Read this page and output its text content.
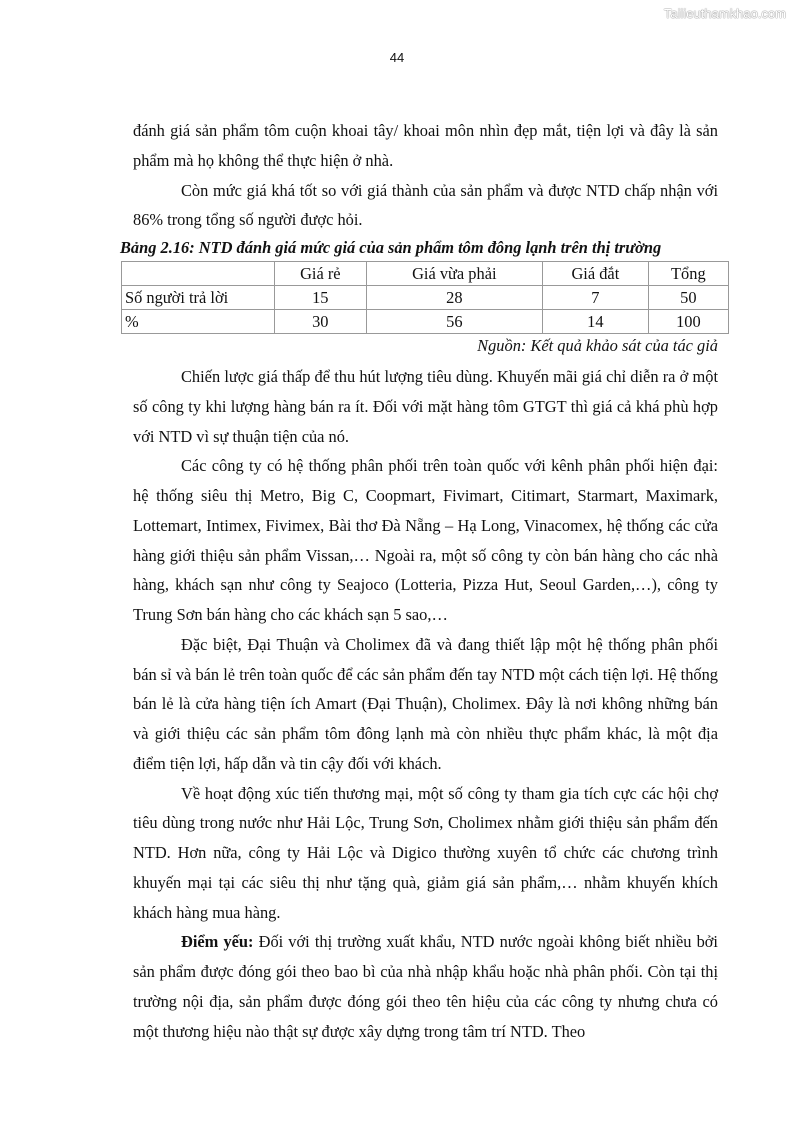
Tailieuthamkhao.com
44

đánh giá sản phẩm tôm cuộn khoai tây/ khoai môn nhìn đẹp mắt, tiện lợi và đây là sản phẩm mà họ không thể thực hiện ở nhà.

Còn mức giá khá tốt so với giá thành của sản phẩm và được NTD chấp nhận với 86% trong tổng số người được hỏi.

Bảng 2.16: NTD đánh giá mức giá của sản phẩm tôm đông lạnh trên thị trường

	Giá rẻ	Giá vừa phải	Giá đắt	Tổng
Số người trả lời	15	28	7	50
%	30	56	14	100

Nguồn: Kết quả khảo sát của tác giả

Chiến lược giá thấp để thu hút lượng tiêu dùng. Khuyến mãi giá chỉ diễn ra ở một số công ty khi lượng hàng bán ra ít. Đối với mặt hàng tôm GTGT thì giá cả khá phù hợp với NTD vì sự thuận tiện của nó.

Các công ty có hệ thống phân phối trên toàn quốc với kênh phân phối hiện đại: hệ thống siêu thị Metro, Big C, Coopmart, Fivimart, Citimart, Starmart, Maximark, Lottemart, Intimex, Fivimex, Bài thơ Đà Nẵng – Hạ Long, Vinacomex, hệ thống các cửa hàng giới thiệu sản phẩm Vissan,… Ngoài ra, một số công ty còn bán hàng cho các nhà hàng, khách sạn như công ty Seajoco (Lotteria, Pizza Hut, Seoul Garden,…), công ty Trung Sơn bán hàng cho các khách sạn 5 sao,…

Đặc biệt, Đại Thuận và Cholimex đã và đang thiết lập một hệ thống phân phối bán sỉ và bán lẻ trên toàn quốc để các sản phẩm đến tay NTD một cách tiện lợi. Hệ thống bán lẻ là cửa hàng tiện ích Amart (Đại Thuận), Cholimex. Đây là nơi không những bán và giới thiệu các sản phẩm tôm đông lạnh mà còn nhiều thực phẩm khác, là một địa điểm tiện lợi, hấp dẫn và tin cậy đối với khách.

Về hoạt động xúc tiến thương mại, một số công ty tham gia tích cực các hội chợ tiêu dùng trong nước như Hải Lộc, Trung Sơn, Cholimex nhằm giới thiệu sản phẩm đến NTD. Hơn nữa, công ty Hải Lộc và Digico thường xuyên tổ chức các chương trình khuyến mại tại các siêu thị như tặng quà, giảm giá sản phẩm,… nhằm khuyến khích khách hàng mua hàng.

Điểm yếu: Đối với thị trường xuất khẩu, NTD nước ngoài không biết nhiều bởi sản phẩm được đóng gói theo bao bì của nhà nhập khẩu hoặc nhà phân phối. Còn tại thị trường nội địa, sản phẩm được đóng gói theo tên hiệu của các công ty nhưng chưa có một thương hiệu nào thật sự được xây dựng trong tâm trí NTD. Theo
